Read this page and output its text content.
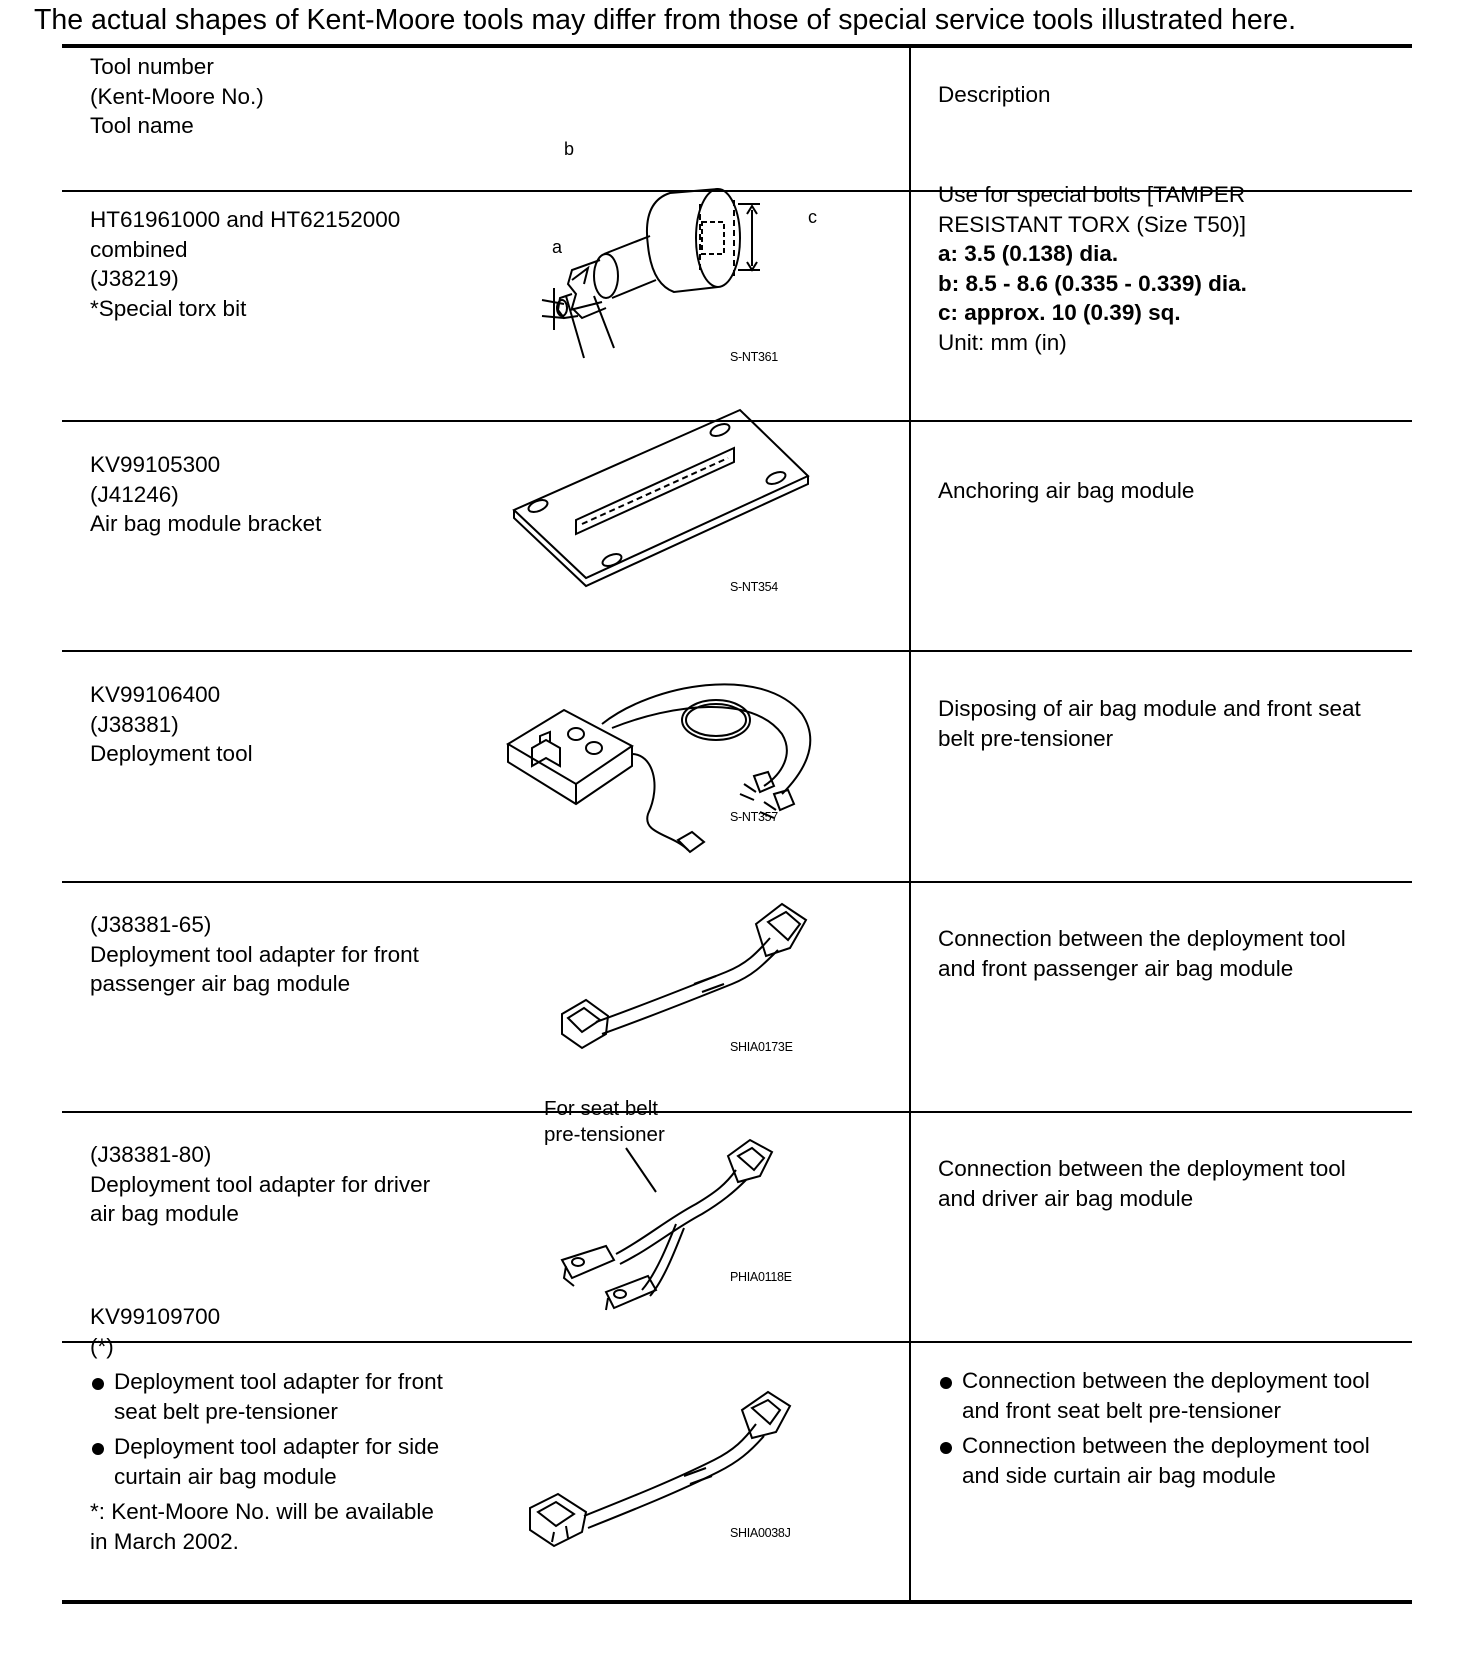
The actual shapes of Kent-Moore tools may differ from those of special service tools illustrated here.
Tool number
(Kent-Moore No.)
Tool name
Description
HT61961000 and HT62152000
combined
(J38219)
*Special torx bit
a
b
c
S-NT361
Use for special bolts [TAMPER
RESISTANT TORX (Size T50)]
a: 3.5 (0.138) dia.
b: 8.5 - 8.6 (0.335 - 0.339) dia.
c: approx. 10 (0.39) sq.
Unit: mm (in)
KV99105300
(J41246)
Air bag module bracket
S-NT354
Anchoring air bag module
KV99106400
(J38381)
Deployment tool
S-NT357
Disposing of air bag module and front seat
belt pre-tensioner
(J38381-65)
Deployment tool adapter for front
passenger air bag module
SHIA0173E
Connection between the deployment tool
and front passenger air bag module
(J38381-80)
Deployment tool adapter for driver
air bag module
For seat belt
pre-tensioner
PHIA0118E
Connection between the deployment tool
and driver air bag module
KV99109700
(*)
Deployment tool adapter for front
seat belt pre-tensioner
Deployment tool adapter for side
curtain air bag module
*: Kent-Moore No. will be available
in March 2002.	SHIA0038J
Connection between the deployment tool
and front seat belt pre-tensioner
Connection between the deployment tool
and side curtain air bag module
